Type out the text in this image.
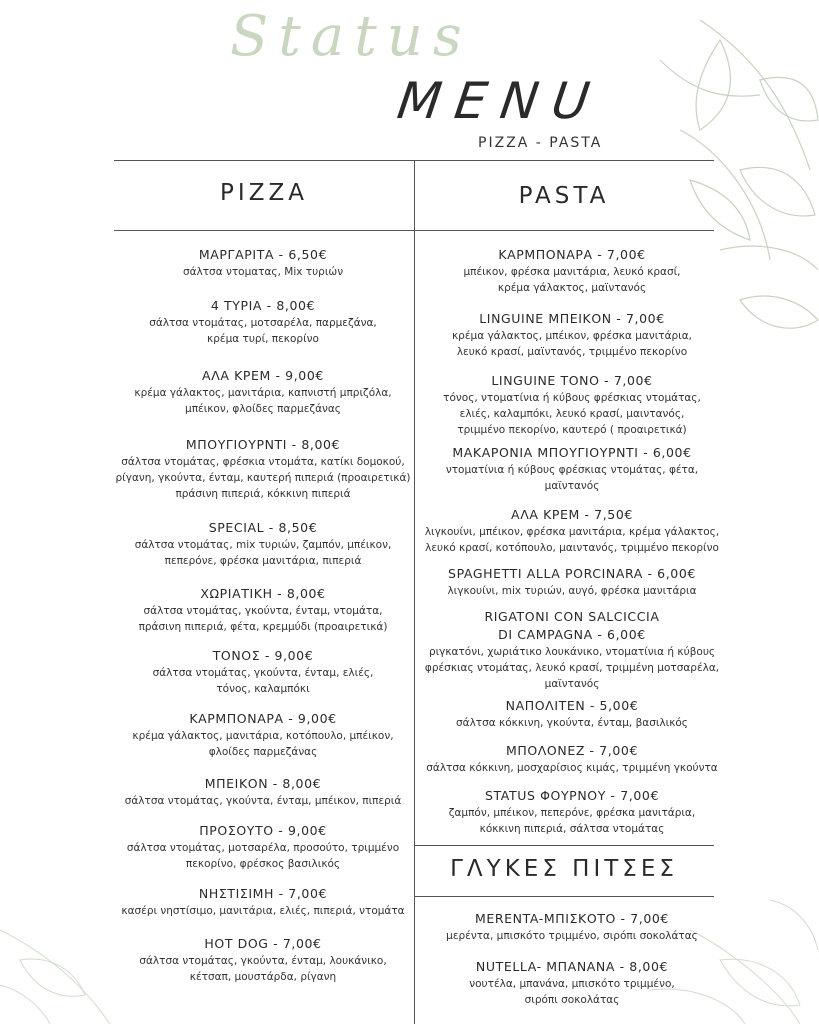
Status
MENU
PIZZA - PASTA
PIZZA	PASTA
ΓΛΥΚΕΣ ΠΙΤΣΕΣ
ΜΑΡΓΑΡΙΤΑ - 6,50€
σάλτσα ντοματας, Mix τυριών
4 ΤΥΡΙΑ - 8,00€
σάλτσα ντομάτας, μοτσαρέλα, παρμεζάνα,
κρέμα τυρί, πεκορίνο
ΑΛΑ ΚΡΕΜ - 9,00€
κρέμα γάλακτος, μανιτάρια, καπνιστή μπριζόλα,
μπέικον, φλοίδες παρμεζάνας
ΜΠΟΥΓΙΟΥΡΝΤΙ - 8,00€
σάλτσα ντομάτας, φρέσκια ντομάτα, κατίκι δομοκού,
ρίγανη, γκούντα, ένταμ, καυτερή πιπεριά (προαιρετικά)
πράσινη πιπεριά, κόκκινη πιπεριά
SPECIAL - 8,50€
σάλτσα ντομάτας, mix τυριών, ζαμπόν, μπέικον,
πεπερόνε, φρέσκα μανιτάρια, πιπεριά
ΧΩΡΙΑΤΙΚΗ - 8,00€
σάλτσα ντομάτας, γκούντα, ένταμ, ντομάτα,
πράσινη πιπεριά, φέτα, κρεμμύδι (προαιρετικά)
ΤΟΝΟΣ - 9,00€
σάλτσα ντομάτας, γκούντα, ένταμ, ελιές,
τόνος, καλαμπόκι
ΚΑΡΜΠΟΝΑΡΑ - 9,00€
κρέμα γάλακτος, μανιτάρια, κοτόπουλο, μπέικον,
φλοίδες παρμεζάνας
ΜΠΕΙΚΟΝ - 8,00€
σάλτσα ντομάτας, γκούντα, ένταμ, μπέικον, πιπεριά
ΠΡΟΣΟΥΤΟ - 9,00€
σάλτσα ντομάτας, μοτσαρέλα, προσούτο, τριμμένο
πεκορίνο, φρέσκος βασιλικός
ΝΗΣΤΙΣΙΜΗ - 7,00€
κασέρι νηστίσιμο, μανιτάρια, ελιές, πιπεριά, ντομάτα
HOT DOG - 7,00€
σάλτσα ντομάτας, γκούντα, ένταμ, λουκάνικο,
κέτσαπ, μουστάρδα, ρίγανη
ΚΑΡΜΠΟΝΑΡΑ - 7,00€
μπέικον, φρέσκα μανιτάρια, λευκό κρασί,
κρέμα γάλακτος, μαϊντανός
LINGUINE ΜΠΕΙΚΟΝ - 7,00€
κρέμα γάλακτος, μπέικον, φρέσκα μανιτάρια,
λευκό κρασί, μαϊντανός, τριμμένο πεκορίνο
LINGUINE ΤΟΝΟ - 7,00€
τόνος, ντοματίνια ή κύβους φρέσκιας ντομάτας,
ελιές, καλαμπόκι, λευκό κρασί, μαιντανός,
τριμμένο πεκορίνο, καυτερό ( προαιρετικά)
ΜΑΚΑΡΟΝΙΑ ΜΠΟΥΓΙΟΥΡΝΤΙ - 6,00€
ντοματίνια ή κύβους φρέσκιας ντομάτας, φέτα,
μαϊντανός
ΑΛΑ ΚΡΕΜ - 7,50€
λιγκουίνι, μπέικον, φρέσκα μανιτάρια, κρέμα γάλακτος,
λευκό κρασί, κοτόπουλο, μαιντανός, τριμμένο πεκορίνο
SPAGHETTI ALLA PORCINARA - 6,00€
λιγκουίνι, mix τυριών, αυγό, φρέσκα μανιτάρια
RIGATONI CON SALCICCIA
DI CAMPAGNA - 6,00€
ριγκατόνι, χωριάτικο λουκάνικο, ντοματίνια ή κύβους
φρέσκιας ντομάτας, λευκό κρασί, τριμμένη μοτσαρέλα,
μαϊντανός
ΝΑΠΟΛΙΤΕΝ - 5,00€
σάλτσα κόκκινη, γκούντα, ένταμ, βασιλικός
ΜΠΟΛΟΝΕΖ - 7,00€
σάλτσα κόκκινη, μοσχαρίσιος κιμάς, τριμμένη γκούντα
STATUS ΦΟΥΡΝΟΥ - 7,00€
ζαμπόν, μπέικον, πεπερόνε, φρέσκα μανιτάρια,
κόκκινη πιπεριά, σάλτσα ντομάτας
MERENTA-ΜΠΙΣΚΟΤΟ - 7,00€
μερέντα, μπισκότο τριμμένο, σιρόπι σοκολάτας
NUTELLA- ΜΠΑΝΑΝΑ - 8,00€
νουτέλα, μπανάνα, μπισκότο τριμμένο,
σιρόπι σοκολάτας
